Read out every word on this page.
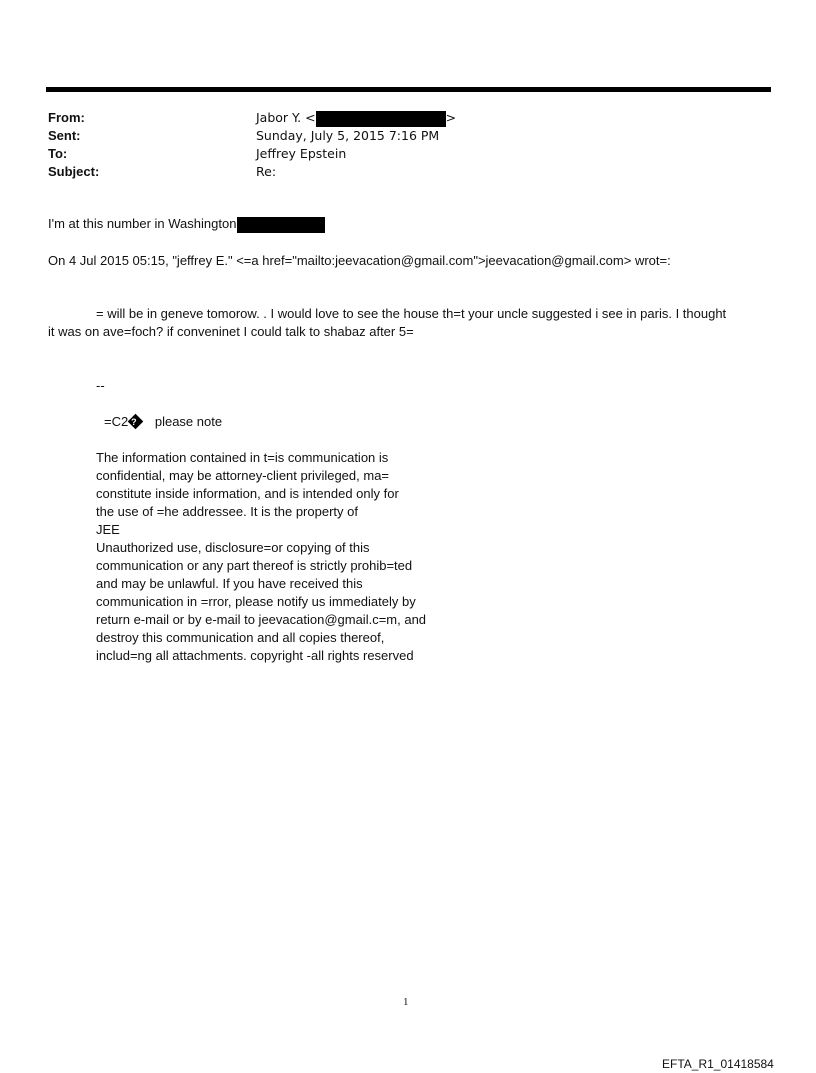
From:	Jabor Y. <	>
Sent:	Sunday, July 5, 2015 7:16 PM
To:	Jeffrey Epstein
Subject:	Re:
I'm at this number in Washington
On 4 Jul 2015 05:15, "jeffrey E." <=a href="mailto:jeevacation@gmail.com">jeevacation@gmail.com> wrot=:
= will be in geneve tomorow. . I would love to see the house th=t your uncle suggested i see in paris. I thought
it was on ave=foch? if conveninet I could talk to shabaz after 5=
--
=C2? please note
The information contained in t=is communication is
confidential, may be attorney-client privileged, ma=
constitute inside information, and is intended only for
the use of =he addressee. It is the property of
JEE
Unauthorized use, disclosure=or copying of this
communication or any part thereof is strictly prohib=ted
and may be unlawful. If you have received this
communication in =rror, please notify us immediately by
return e-mail or by e-mail to jeevacation@gmail.c=m, and
destroy this communication and all copies thereof,
includ=ng all attachments. copyright -all rights reserved
1
EFTA_R1_01418584
